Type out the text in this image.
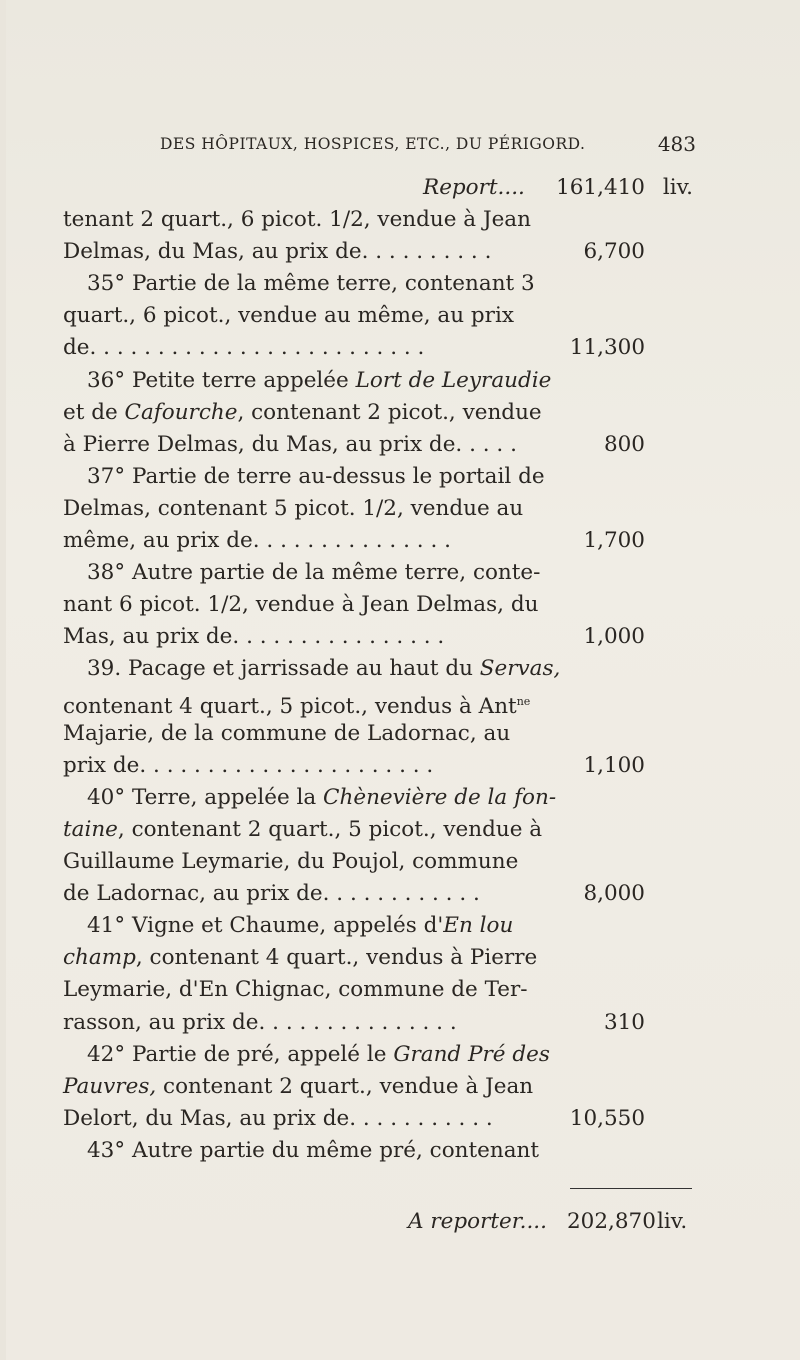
DES HÔPITAUX, HOSPICES, ETC., DU PÉRIGORD.	483
Report.... 161,410 liv.
tenant 2 quart., 6 picot. 1/2, vendue à Jean
Delmas, du Mas, au prix de. . . . . . . . . .	6,700
35° Partie de la même terre, contenant 3
quart., 6 picot., vendue au même, au prix
de. . . . . . . . . . . . . . . . . . . . . . . . .	11,300
36° Petite terre appelée Lort de Leyraudie
et de Cafourche, contenant 2 picot., vendue
à Pierre Delmas, du Mas, au prix de. . . . .	800
37° Partie de terre au-dessus le portail de
Delmas, contenant 5 picot. 1/2, vendue au
même, au prix de. . . . . . . . . . . . . . .	1,700
38° Autre partie de la même terre, conte-
nant 6 picot. 1/2, vendue à Jean Delmas, du
Mas, au prix de. . . . . . . . . . . . . . . .	1,000
39. Pacage et jarrissade au haut du Servas,
contenant 4 quart., 5 picot., vendus à Ant$^{ne}$
Majarie, de la commune de Ladornac, au
prix de. . . . . . . . . . . . . . . . . . . . . .	1,100
40° Terre, appelée la Chènevière de la fon-
taine, contenant 2 quart., 5 picot., vendue à
Guillaume Leymarie, du Poujol, commune
de Ladornac, au prix de. . . . . . . . . . . .	8,000
41° Vigne et Chaume, appelés d'En lou
champ, contenant 4 quart., vendus à Pierre
Leymarie, d'En Chignac, commune de Ter-
rasson, au prix de. . . . . . . . . . . . . . .	310
42° Partie de pré, appelé le Grand Pré des
Pauvres, contenant 2 quart., vendue à Jean
Delort, du Mas, au prix de. . . . . . . . . . .	10,550
43° Autre partie du même pré, contenant
A reporter.... 202,870 liv.
